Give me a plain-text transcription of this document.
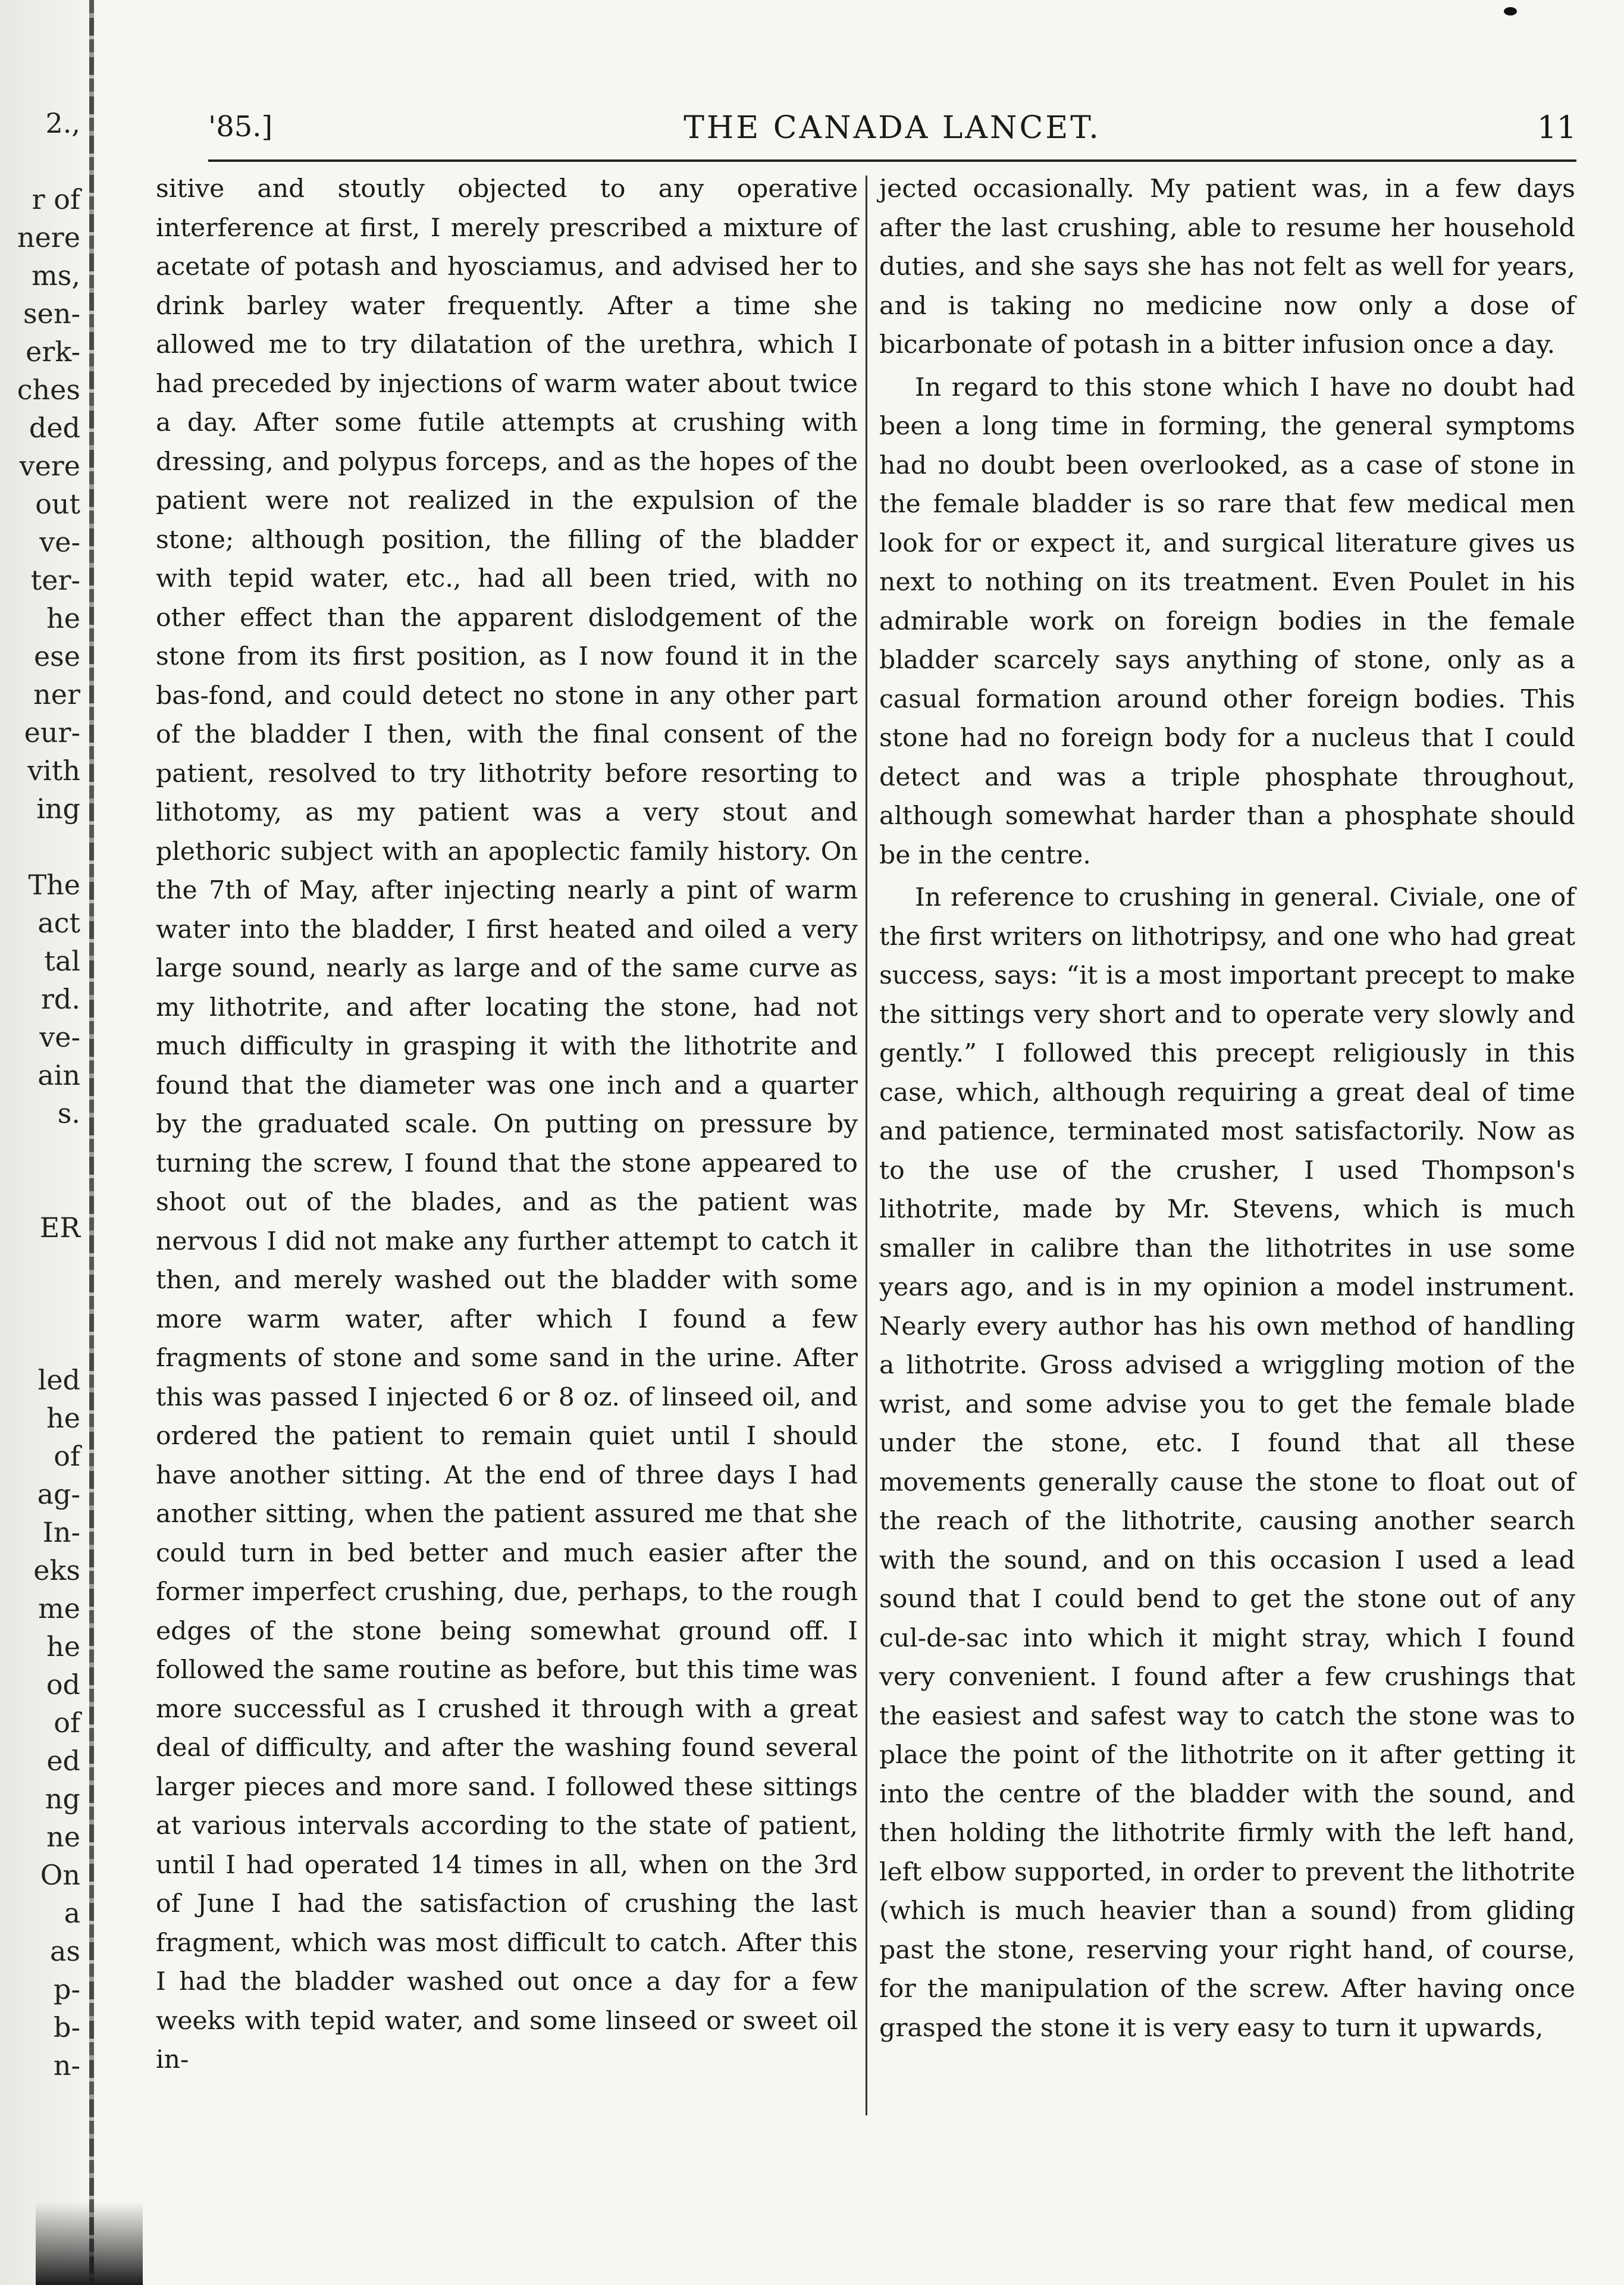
2.,

r of
nere
ms,
sen-
erk-
ches
ded
vere
out
ve-
ter-
he
ese
ner
eur-
vith
ing

The
act
tal
rd.
ve-
ain
s.

ER

led
he
of
ag-
In-
eks
me
he
od
of
ed
ng
ne
On
a
as
p-
b-
n-
'85.]	THE CANADA LANCET.	11

sitive and stoutly objected to any operative interference at first, I merely prescribed a mixture of acetate of potash and hyosciamus, and advised her to drink barley water frequently. After a time she allowed me to try dilatation of the urethra, which I had preceded by injections of warm water about twice a day. After some futile attempts at crushing with dressing, and polypus forceps, and as the hopes of the patient were not realized in the expulsion of the stone; although position, the filling of the bladder with tepid water, etc., had all been tried, with no other effect than the apparent dislodgement of the stone from its first position, as I now found it in the bas-fond, and could detect no stone in any other part of the bladder I then, with the final consent of the patient, resolved to try lithotrity before resorting to lithotomy, as my patient was a very stout and plethoric subject with an apoplectic family history. On the 7th of May, after injecting nearly a pint of warm water into the bladder, I first heated and oiled a very large sound, nearly as large and of the same curve as my lithotrite, and after locating the stone, had not much difficulty in grasping it with the lithotrite and found that the diameter was one inch and a quarter by the graduated scale. On putting on pressure by turning the screw, I found that the stone appeared to shoot out of the blades, and as the patient was nervous I did not make any further attempt to catch it then, and merely washed out the bladder with some more warm water, after which I found a few fragments of stone and some sand in the urine. After this was passed I injected 6 or 8 oz. of linseed oil, and ordered the patient to remain quiet until I should have another sitting. At the end of three days I had another sitting, when the patient assured me that she could turn in bed better and much easier after the former imperfect crushing, due, perhaps, to the rough edges of the stone being somewhat ground off. I followed the same routine as before, but this time was more successful as I crushed it through with a great deal of difficulty, and after the washing found several larger pieces and more sand. I followed these sittings at various intervals according to the state of patient, until I had operated 14 times in all, when on the 3rd of June I had the satisfaction of crushing the last fragment, which was most difficult to catch. After this I had the bladder washed out once a day for a few weeks with tepid water, and some linseed or sweet oil in-

jected occasionally. My patient was, in a few days after the last crushing, able to resume her household duties, and she says she has not felt as well for years, and is taking no medicine now only a dose of bicarbonate of potash in a bitter infusion once a day.

In regard to this stone which I have no doubt had been a long time in forming, the general symptoms had no doubt been overlooked, as a case of stone in the female bladder is so rare that few medical men look for or expect it, and surgical literature gives us next to nothing on its treatment. Even Poulet in his admirable work on foreign bodies in the female bladder scarcely says anything of stone, only as a casual formation around other foreign bodies. This stone had no foreign body for a nucleus that I could detect and was a triple phosphate throughout, although somewhat harder than a phosphate should be in the centre.

In reference to crushing in general. Civiale, one of the first writers on lithotripsy, and one who had great success, says: “it is a most important precept to make the sittings very short and to operate very slowly and gently.” I followed this precept religiously in this case, which, although requiring a great deal of time and patience, terminated most satisfactorily. Now as to the use of the crusher, I used Thompson's lithotrite, made by Mr. Stevens, which is much smaller in calibre than the lithotrites in use some years ago, and is in my opinion a model instrument. Nearly every author has his own method of handling a lithotrite. Gross advised a wriggling motion of the wrist, and some advise you to get the female blade under the stone, etc. I found that all these movements generally cause the stone to float out of the reach of the lithotrite, causing another search with the sound, and on this occasion I used a lead sound that I could bend to get the stone out of any cul-de-sac into which it might stray, which I found very convenient. I found after a few crushings that the easiest and safest way to catch the stone was to place the point of the lithotrite on it after getting it into the centre of the bladder with the sound, and then holding the lithotrite firmly with the left hand, left elbow supported, in order to prevent the lithotrite (which is much heavier than a sound) from gliding past the stone, reserving your right hand, of course, for the manipulation of the screw. After having once grasped the stone it is very easy to turn it upwards,
